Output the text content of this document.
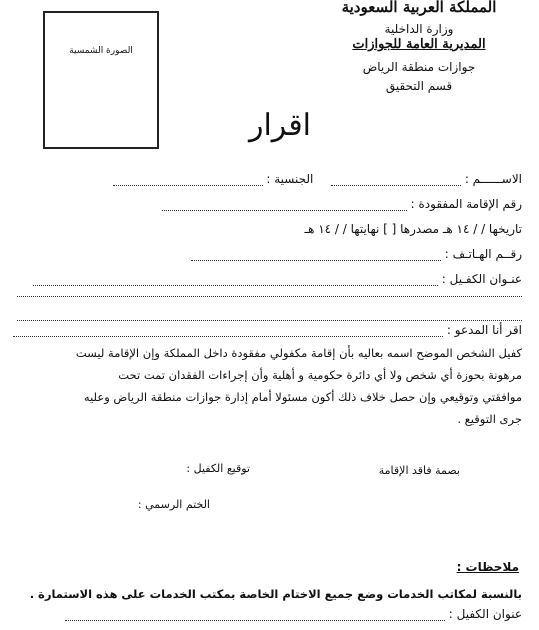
الصورة الشمسية
المملكة العربية السعودية
وزارة الداخلية
المديرية العامة للجوازات
جوازات منطقة الرياض
قسم التحقيق
اقرار
الاســــــم :   الجنسية :
رقم الإقامة المفقودة :
تاريخها / / ١٤ هـ مصدرها [ ] نهايتها / / ١٤ هـ
رقــم الهـاتـف :
عنـوان الكفـيل :
اقر أنا المدعو :
كفيل الشخص الموضح اسمه بعاليه بأن إقامة مكفولي مفقودة داخل المملكة وإن الإقامة ليست
مرهونة بحوزة أي شخص ولا أي دائرة حكومية و أهلية وأن إجراءات الفقدان تمت تحت
موافقتي وتوقيعي وإن حصل خلاف ذلك أكون مسئولا أمام إدارة جوازات منطقة الرياض وعليه
جرى التوقيع .
توقيع الكفيل :	بصمة فاقد الإقامة
الختم الرسمي :
ملاحظات :
بالنسبة لمكاتب الخدمات وضع جميع الاختام الخاصة بمكتب الخدمات على هذه الاستمارة .
عنوان الكفيل :
